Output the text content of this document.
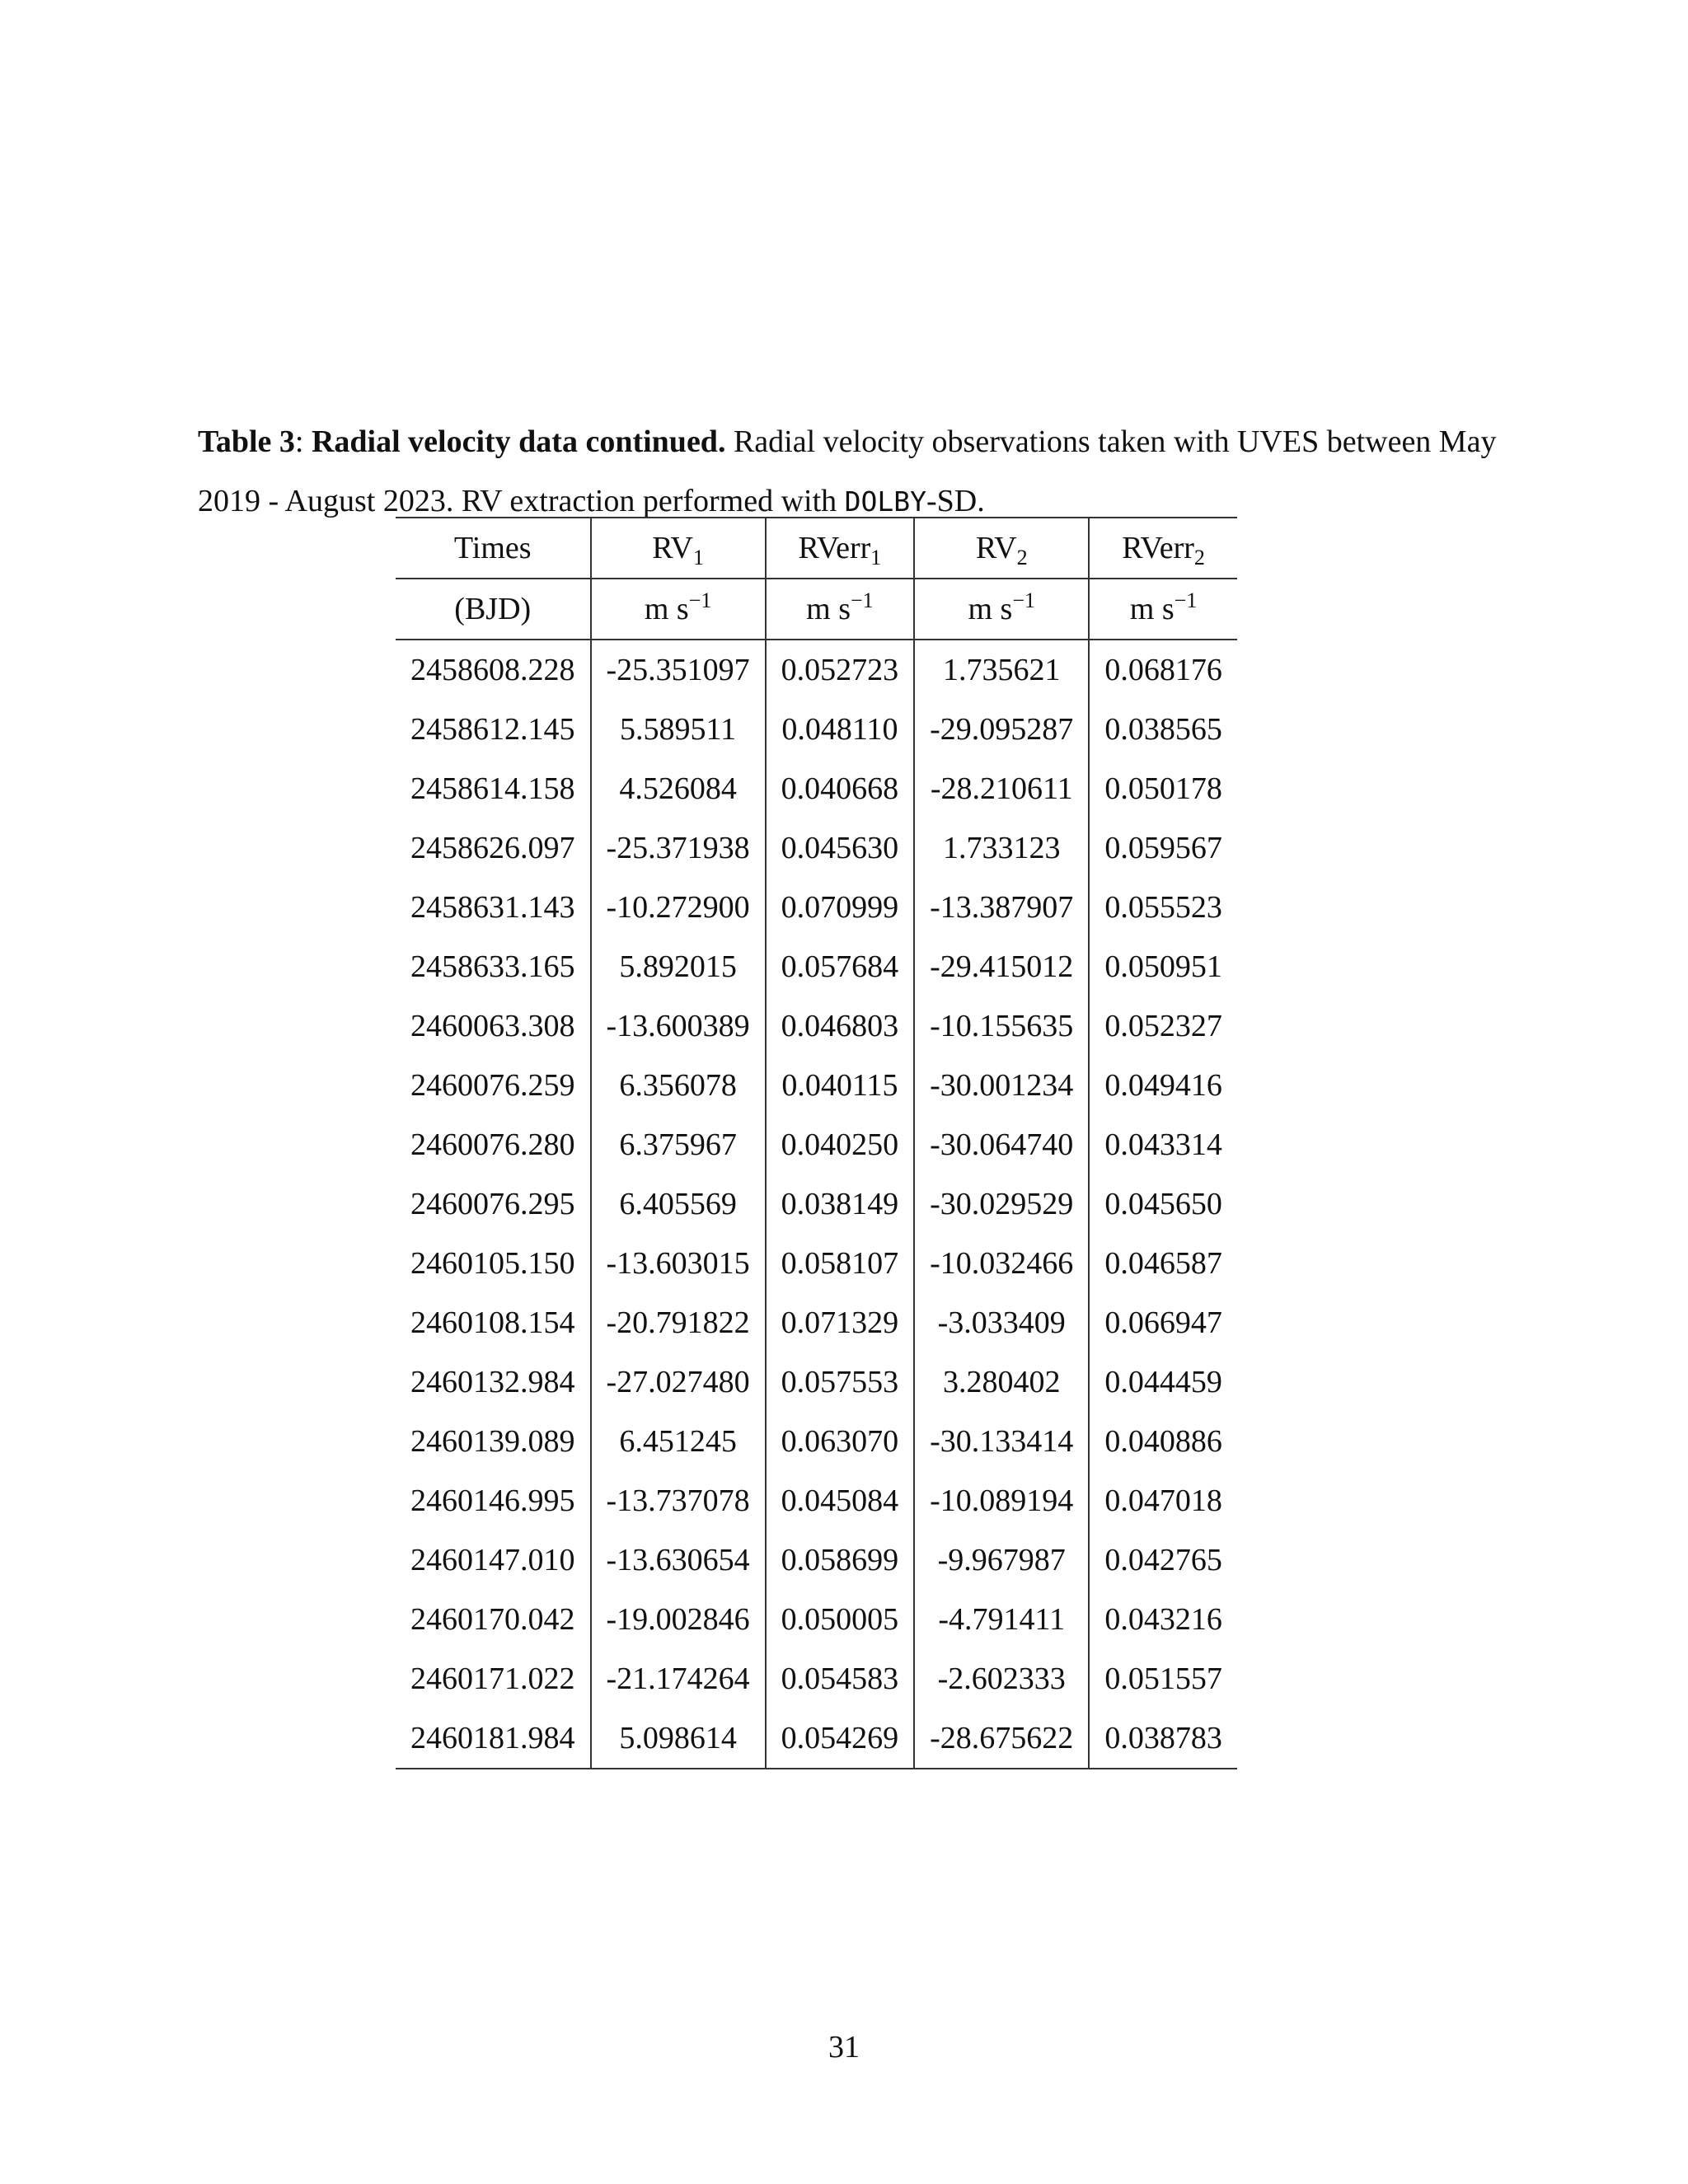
Table 3: Radial velocity data continued. Radial velocity observations taken with UVES between May 2019 - August 2023. RV extraction performed with DOLBY-SD.
Times	$RV_1$	RVerr$_1$	$RV_2$	RVerr$_2$
(BJD)	m $s^{-1}$	m $s^{-1}$	m $s^{-1}$	m $s^{-1}$
2458608.228	-25.351097	0.052723	1.735621	0.068176
2458612.145	5.589511	0.048110	-29.095287	0.038565
2458614.158	4.526084	0.040668	-28.210611	0.050178
2458626.097	-25.371938	0.045630	1.733123	0.059567
2458631.143	-10.272900	0.070999	-13.387907	0.055523
2458633.165	5.892015	0.057684	-29.415012	0.050951
2460063.308	-13.600389	0.046803	-10.155635	0.052327
2460076.259	6.356078	0.040115	-30.001234	0.049416
2460076.280	6.375967	0.040250	-30.064740	0.043314
2460076.295	6.405569	0.038149	-30.029529	0.045650
2460105.150	-13.603015	0.058107	-10.032466	0.046587
2460108.154	-20.791822	0.071329	-3.033409	0.066947
2460132.984	-27.027480	0.057553	3.280402	0.044459
2460139.089	6.451245	0.063070	-30.133414	0.040886
2460146.995	-13.737078	0.045084	-10.089194	0.047018
2460147.010	-13.630654	0.058699	-9.967987	0.042765
2460170.042	-19.002846	0.050005	-4.791411	0.043216
2460171.022	-21.174264	0.054583	-2.602333	0.051557
2460181.984	5.098614	0.054269	-28.675622	0.038783
31
